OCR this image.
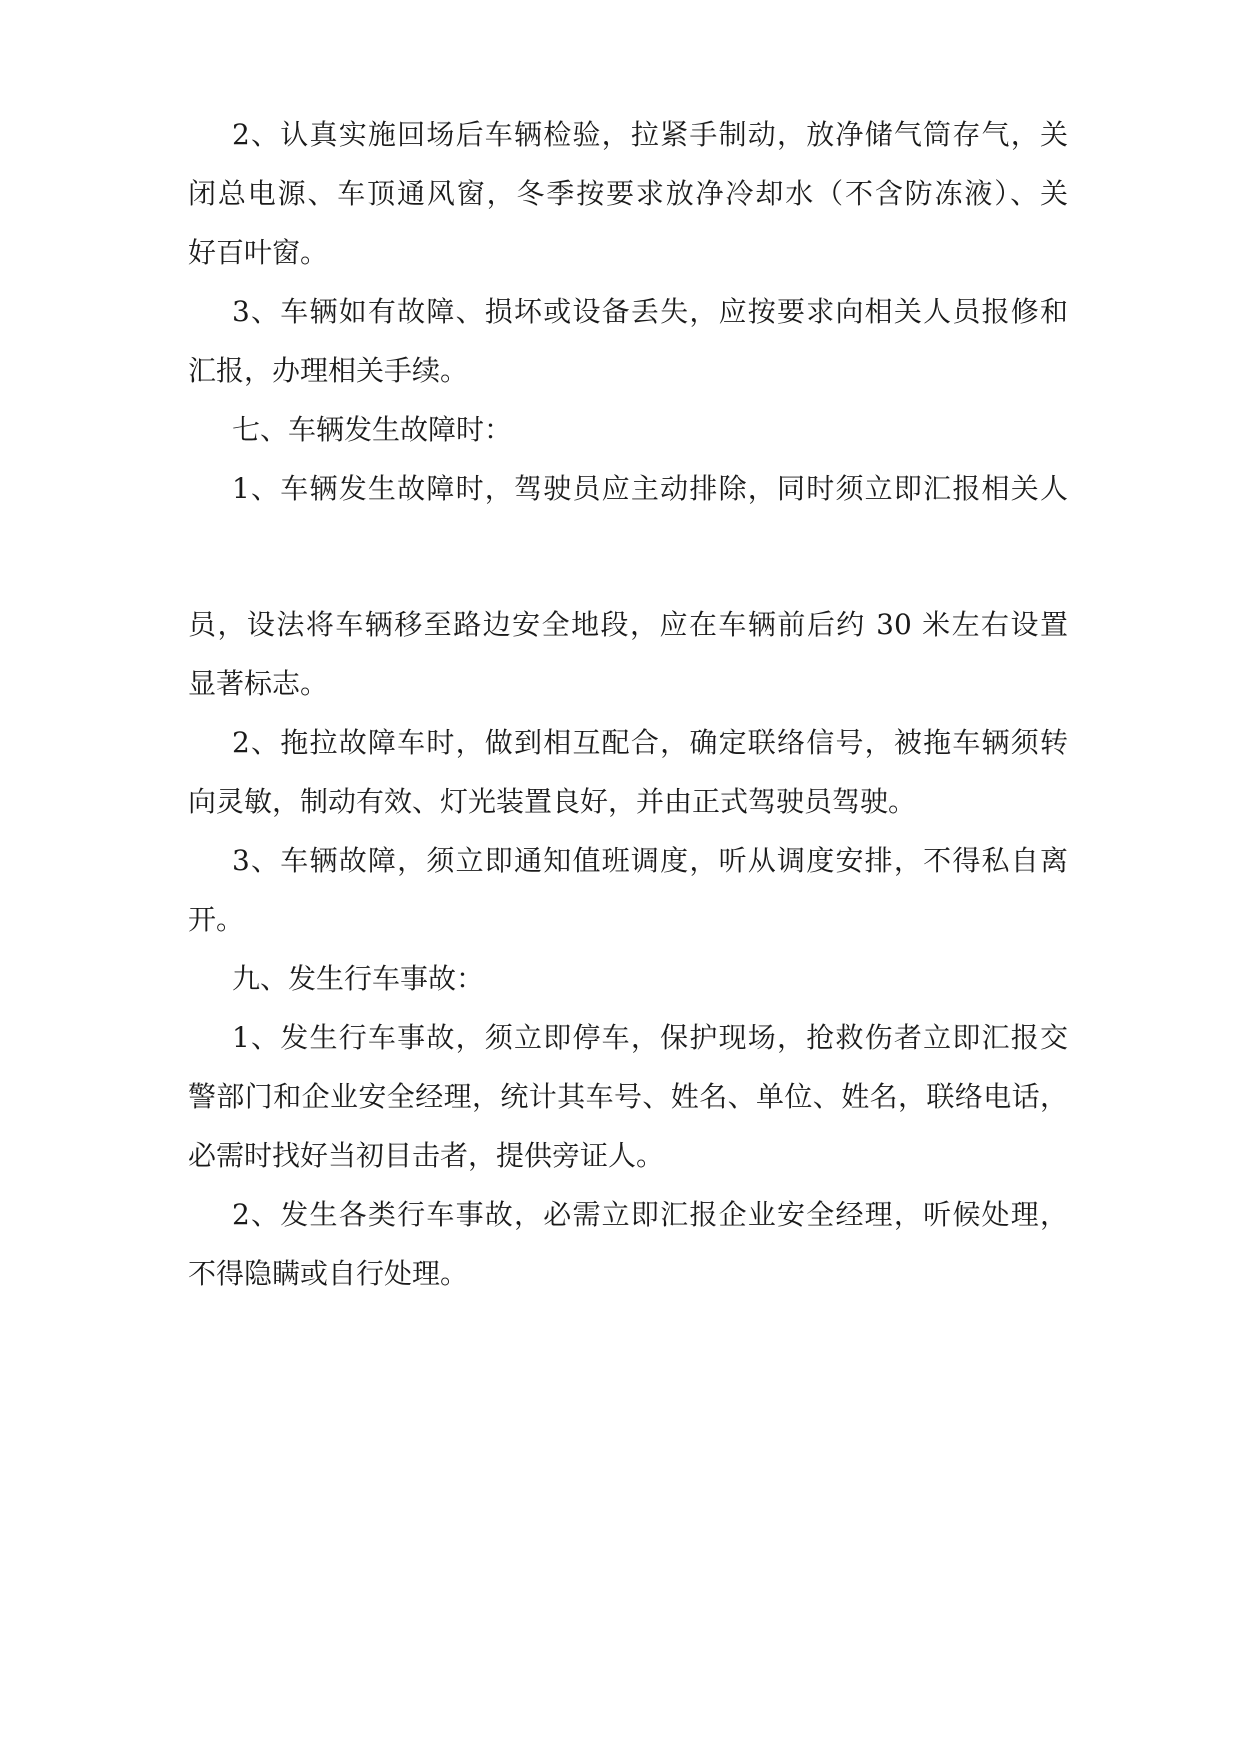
2、认真实施回场后车辆检验，拉紧手制动，放净储气筒存气，关

闭总电源、车顶通风窗，冬季按要求放净冷却水（不含防冻液）、关

好百叶窗。

3、车辆如有故障、损坏或设备丢失，应按要求向相关人员报修和

汇报，办理相关手续。

七、车辆发生故障时：

1、车辆发生故障时，驾驶员应主动排除，同时须立即汇报相关人

员，设法将车辆移至路边安全地段，应在车辆前后约 30 米左右设置

显著标志。

2、拖拉故障车时，做到相互配合，确定联络信号，被拖车辆须转

向灵敏，制动有效、灯光装置良好，并由正式驾驶员驾驶。

3、车辆故障，须立即通知值班调度，听从调度安排，不得私自离

开。

九、发生行车事故：

1、发生行车事故，须立即停车，保护现场，抢救伤者立即汇报交

警部门和企业安全经理，统计其车号、姓名、单位、姓名，联络电话，

必需时找好当初目击者，提供旁证人。

2、发生各类行车事故，必需立即汇报企业安全经理，听候处理，

不得隐瞒或自行处理。
